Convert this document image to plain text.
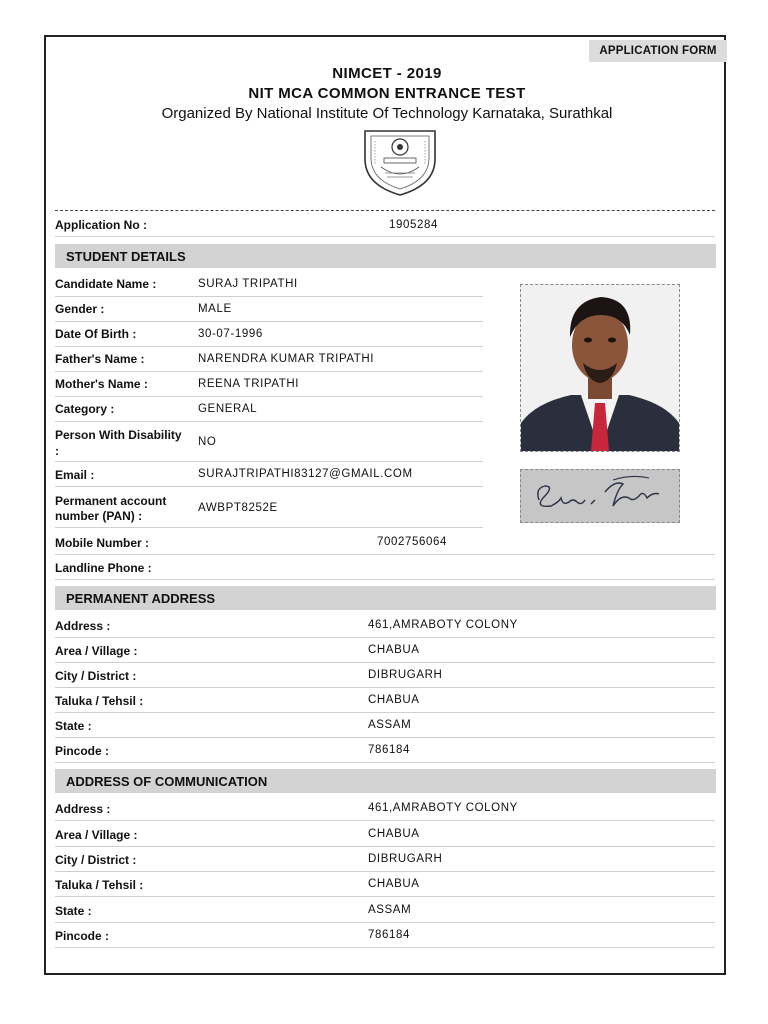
APPLICATION FORM
NIMCET - 2019
NIT MCA COMMON ENTRANCE TEST
Organized By National Institute Of Technology Karnataka, Surathkal
Application No :	1905284
STUDENT DETAILS
Candidate Name :	SURAJ TRIPATHI
Gender :	MALE
Date Of Birth :	30-07-1996
Father's Name :	NARENDRA KUMAR TRIPATHI
Mother's Name :	REENA TRIPATHI
Category :	GENERAL
Person With Disability
:
NO
Email :	SURAJTRIPATHI83127@GMAIL.COM
Permanent account
number (PAN) :
AWBPT8252E
Mobile Number :	7002756064
Landline Phone :
PERMANENT ADDRESS
Address :	461,AMRABOTY COLONY
Area / Village :	CHABUA
City / District :	DIBRUGARH
Taluka / Tehsil :	CHABUA
State :	ASSAM
Pincode :	786184
ADDRESS OF COMMUNICATION
Address :	461,AMRABOTY COLONY
Area / Village :	CHABUA
City / District :	DIBRUGARH
Taluka / Tehsil :	CHABUA
State :	ASSAM
Pincode :	786184
